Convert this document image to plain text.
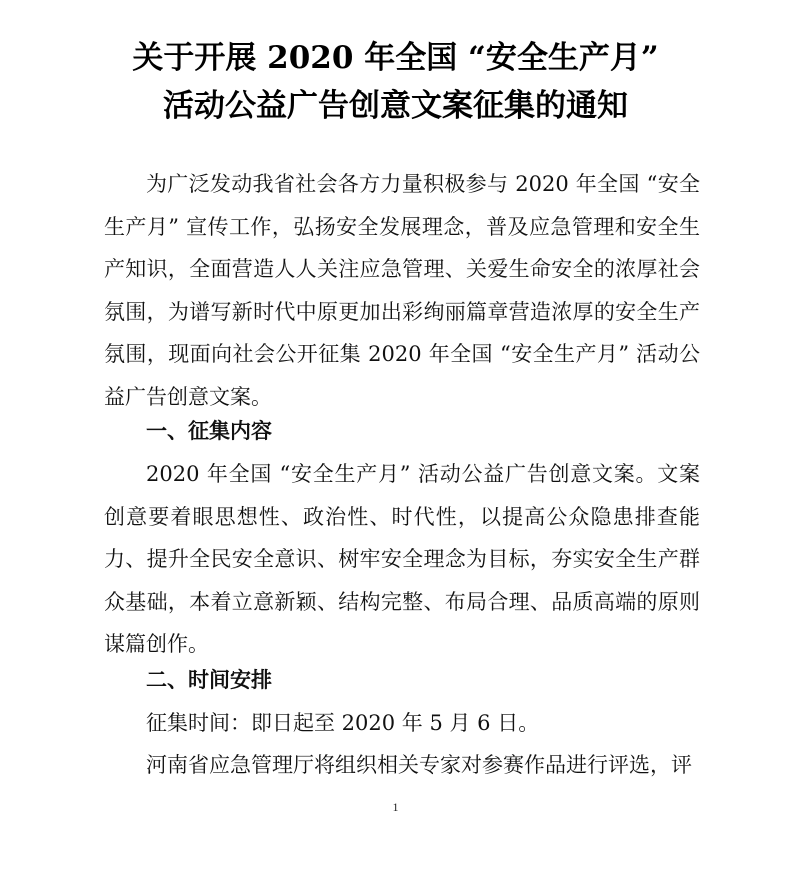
关于开展 2020 年全国 “安全生产月”
活动公益广告创意文案征集的通知

为广泛发动我省社会各方力量积极参与 2020 年全国 “安全生产月” 宣传工作，弘扬安全发展理念，普及应急管理和安全生产知识，全面营造人人关注应急管理、关爱生命安全的浓厚社会氛围，为谱写新时代中原更加出彩绚丽篇章营造浓厚的安全生产氛围，现面向社会公开征集 2020 年全国 “安全生产月” 活动公益广告创意文案。

一、征集内容

2020 年全国 “安全生产月” 活动公益广告创意文案。文案创意要着眼思想性、政治性、时代性，以提高公众隐患排查能力、提升全民安全意识、树牢安全理念为目标，夯实安全生产群众基础，本着立意新颖、结构完整、布局合理、品质高端的原则谋篇创作。

二、时间安排

征集时间：即日起至 2020 年 5 月 6 日。

河南省应急管理厅将组织相关专家对参赛作品进行评选，评

1
